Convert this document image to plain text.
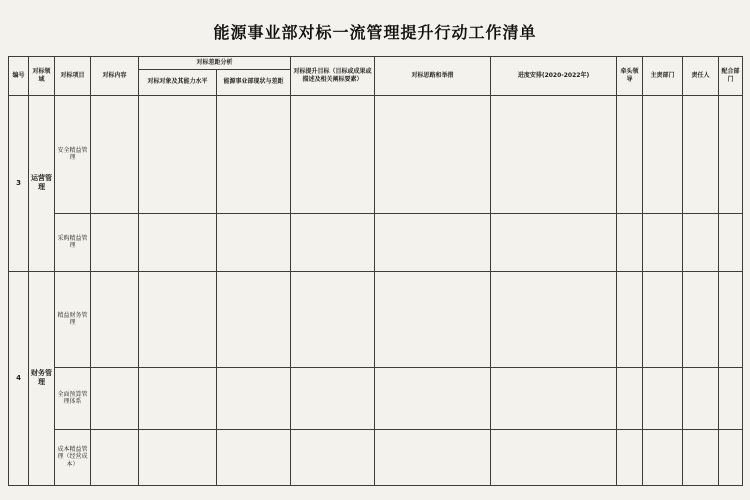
能源事业部对标一流管理提升行动工作清单
编号	对标领域	对标项目	对标内容	对标差距分析		对标提升目标（目标或成果或描述及相关阐标要素）	对标思路和举措	进度安排(2020-2022年)	牵头领导	主责部门	责任人	配合部门
				对标对象及其能力水平	能源事业部现状与差距							
3	运营管理	安全精益管理										
		采购精益管理										
4	财务管理	精益财务管理										
		全面预算管理体系										
		成本精益管理（经营成本）										
